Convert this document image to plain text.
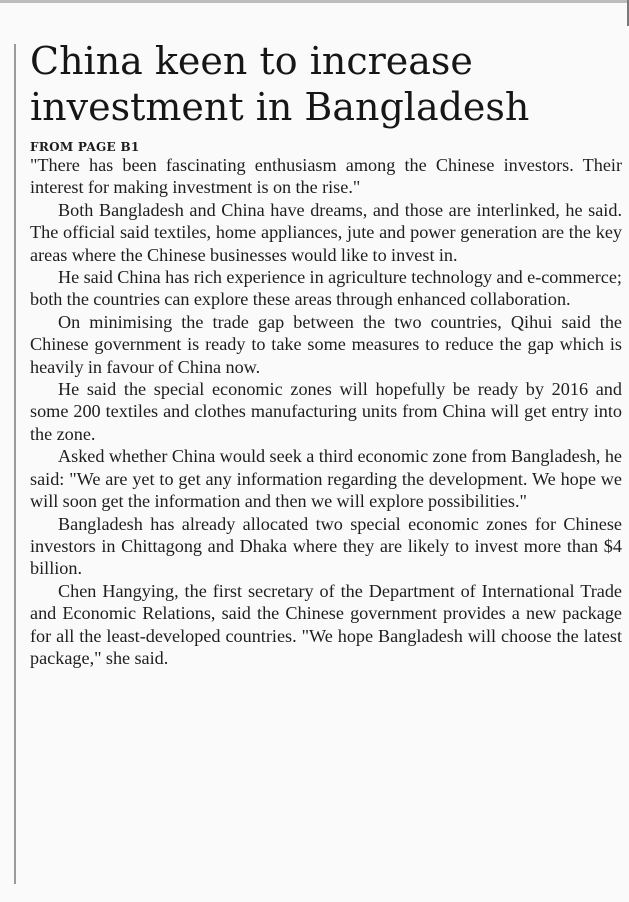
China keen to increase
investment in Bangladesh
FROM PAGE B1

"There has been fascinating enthusiasm among the Chinese investors. Their interest for making investment is on the rise."

Both Bangladesh and China have dreams, and those are interlinked, he said. The official said textiles, home appliances, jute and power generation are the key areas where the Chinese businesses would like to invest in.

He said China has rich experience in agriculture technology and e-commerce; both the countries can explore these areas through enhanced collaboration.

On minimising the trade gap between the two countries, Qihui said the Chinese government is ready to take some measures to reduce the gap which is heavily in favour of China now.

He said the special economic zones will hopefully be ready by 2016 and some 200 textiles and clothes manufacturing units from China will get entry into the zone.

Asked whether China would seek a third economic zone from Bangladesh, he said: "We are yet to get any information regarding the development. We hope we will soon get the information and then we will explore possibilities."

Bangladesh has already allocated two special economic zones for Chinese investors in Chittagong and Dhaka where they are likely to invest more than $4 billion.

Chen Hangying, the first secretary of the Department of International Trade and Economic Relations, said the Chinese government provides a new package for all the least-developed countries. "We hope Bangladesh will choose the latest package," she said.
